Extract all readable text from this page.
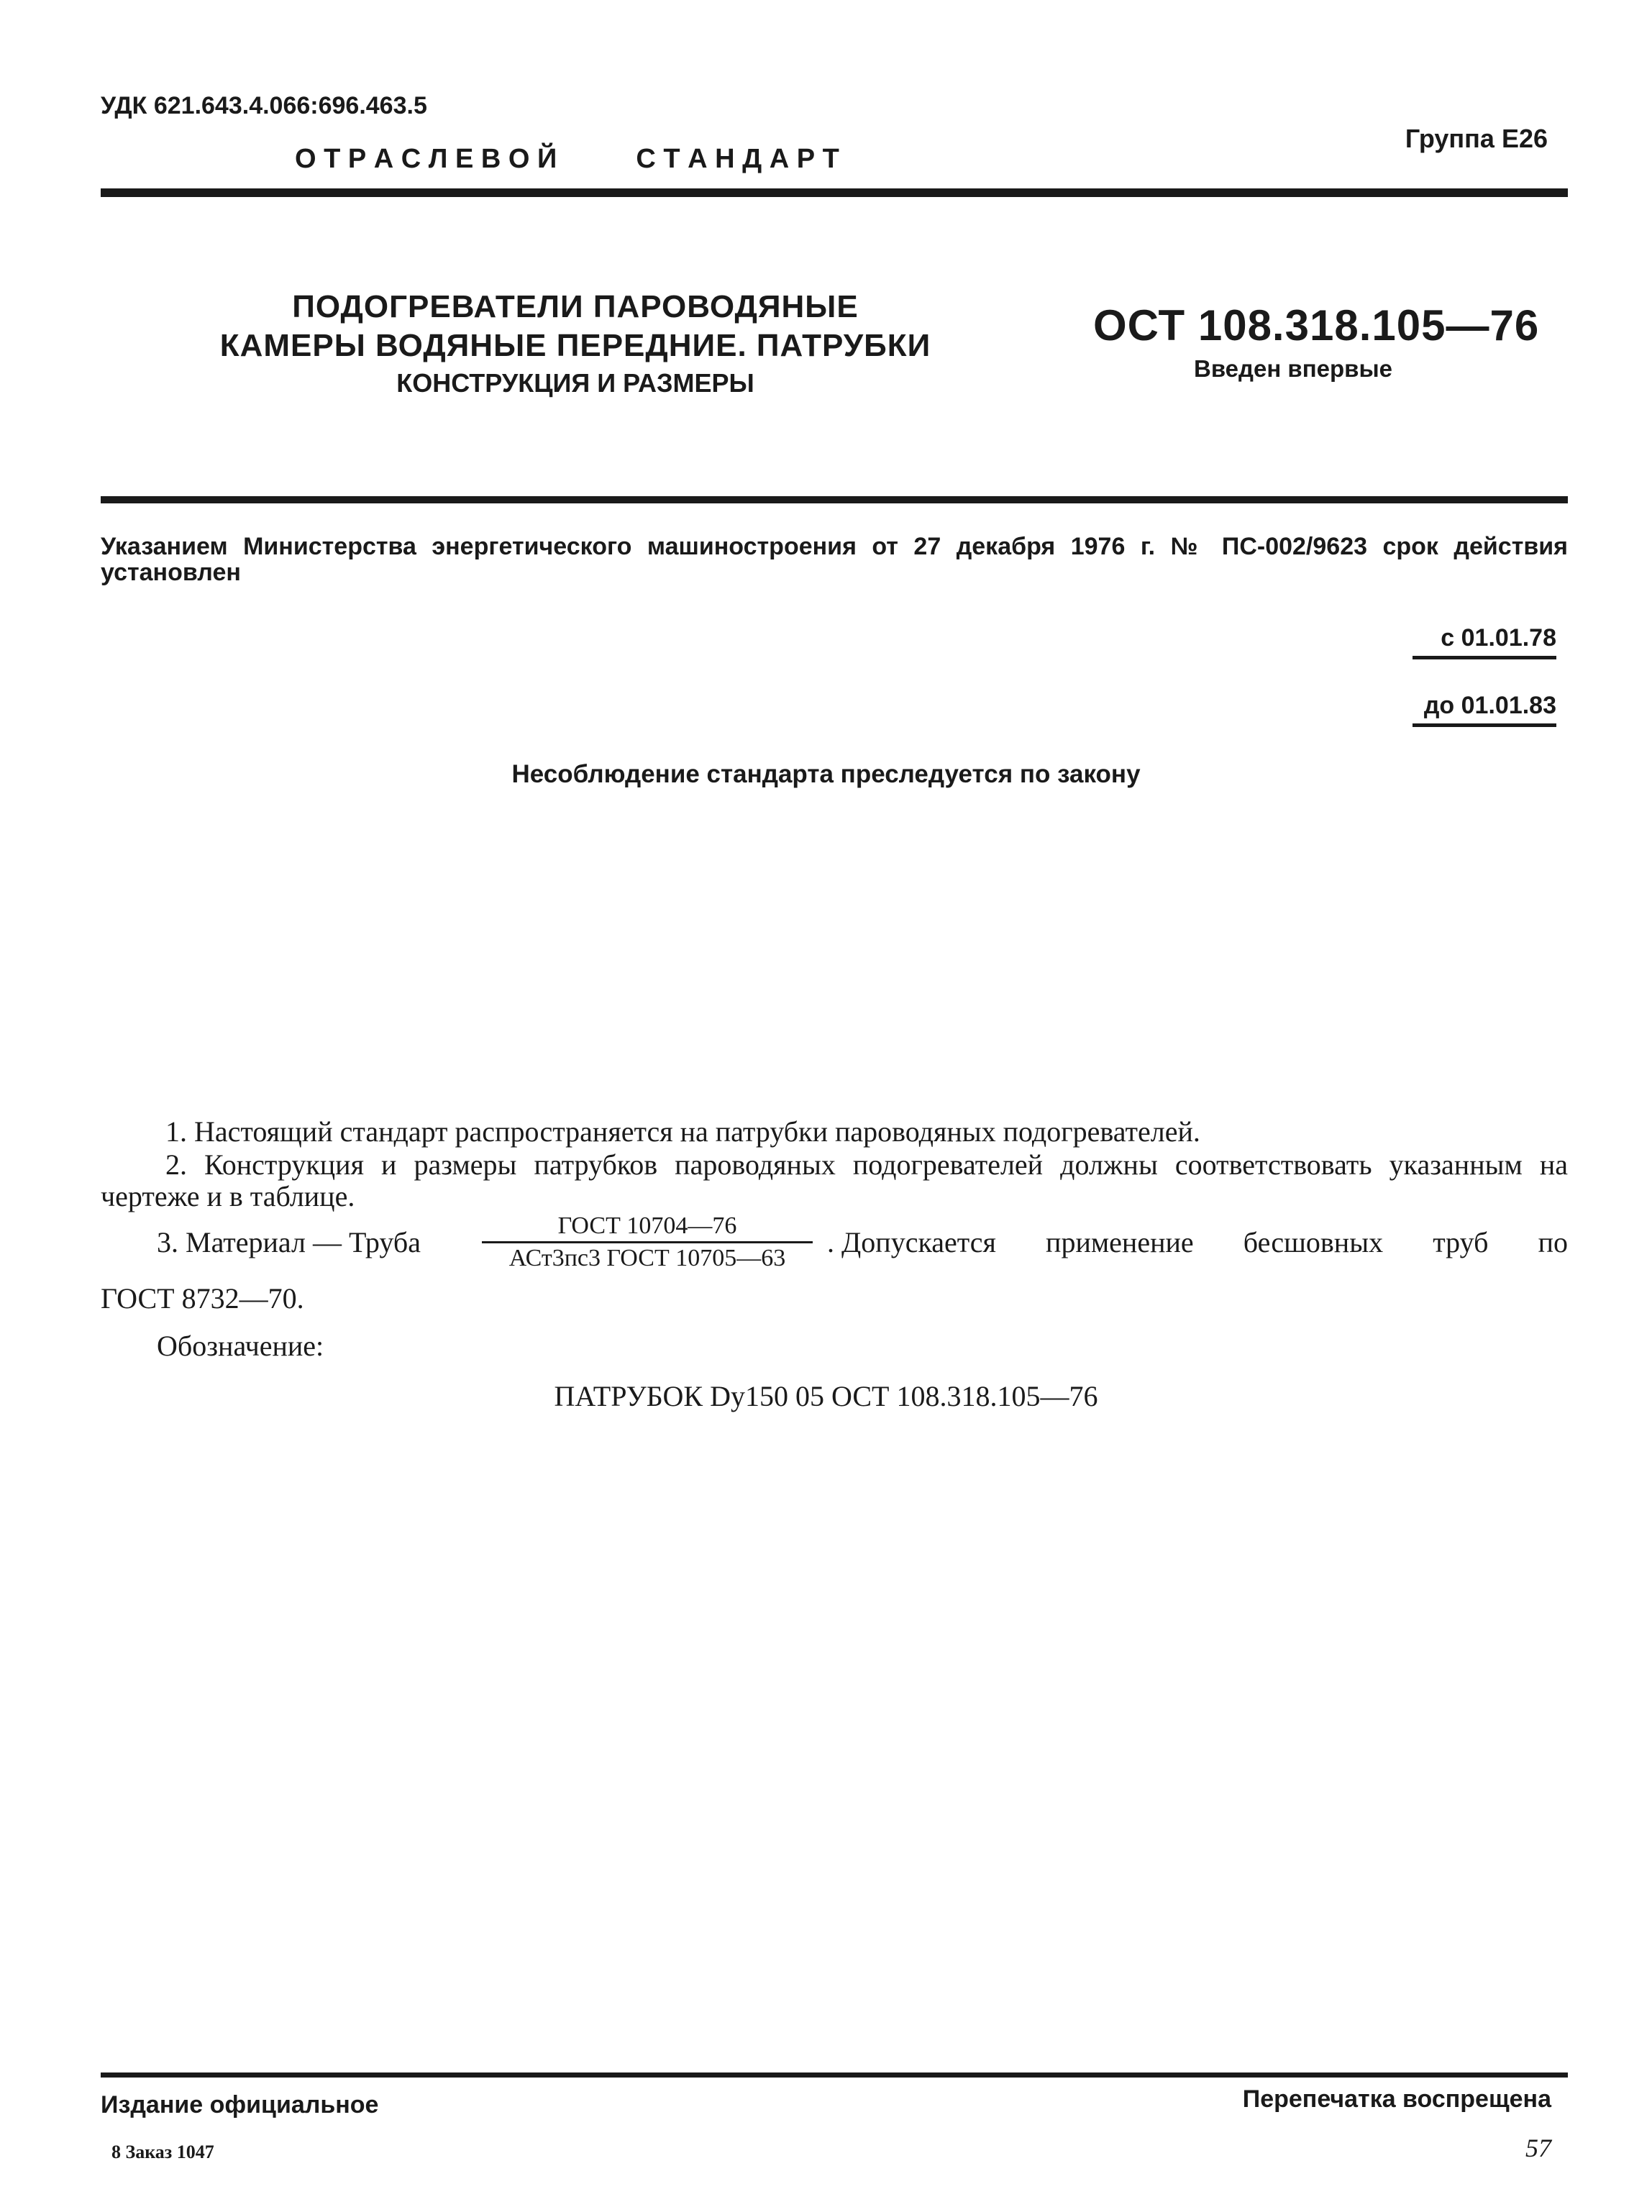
УДК 621.643.4.066:696.463.5
Группа Е26
О Т Р А С Л Е В О Й	С Т А Н Д А Р Т
ПОДОГРЕВАТЕЛИ ПАРОВОДЯНЫЕ
КАМЕРЫ ВОДЯНЫЕ ПЕРЕДНИЕ. ПАТРУБКИ
КОНСТРУКЦИЯ И РАЗМЕРЫ
ОСТ 108.318.105—76
Введен впервые
Указанием Министерства энергетического машиностроения от 27 декабря 1976 г. № ПС-002/9623 срок действия установлен
с 01.01.78
до 01.01.83
Несоблюдение стандарта преследуется по закону
1. Настоящий стандарт распространяется на патрубки пароводяных подогревателей.
2. Конструкция и размеры патрубков пароводяных подогревателей должны соответствовать указанным на чертеже и в таблице.
3. Материал — Труба
ГОСТ 10704—76
АСт3пс3 ГОСТ 10705—63	. Допускается применение бесшовных труб по
ГОСТ 8732—70.
Обозначение:
ПАТРУБОК Dу150 05 ОСТ 108.318.105—76
Издание официальное	Перепечатка воспрещена
8 Заказ 1047	57
